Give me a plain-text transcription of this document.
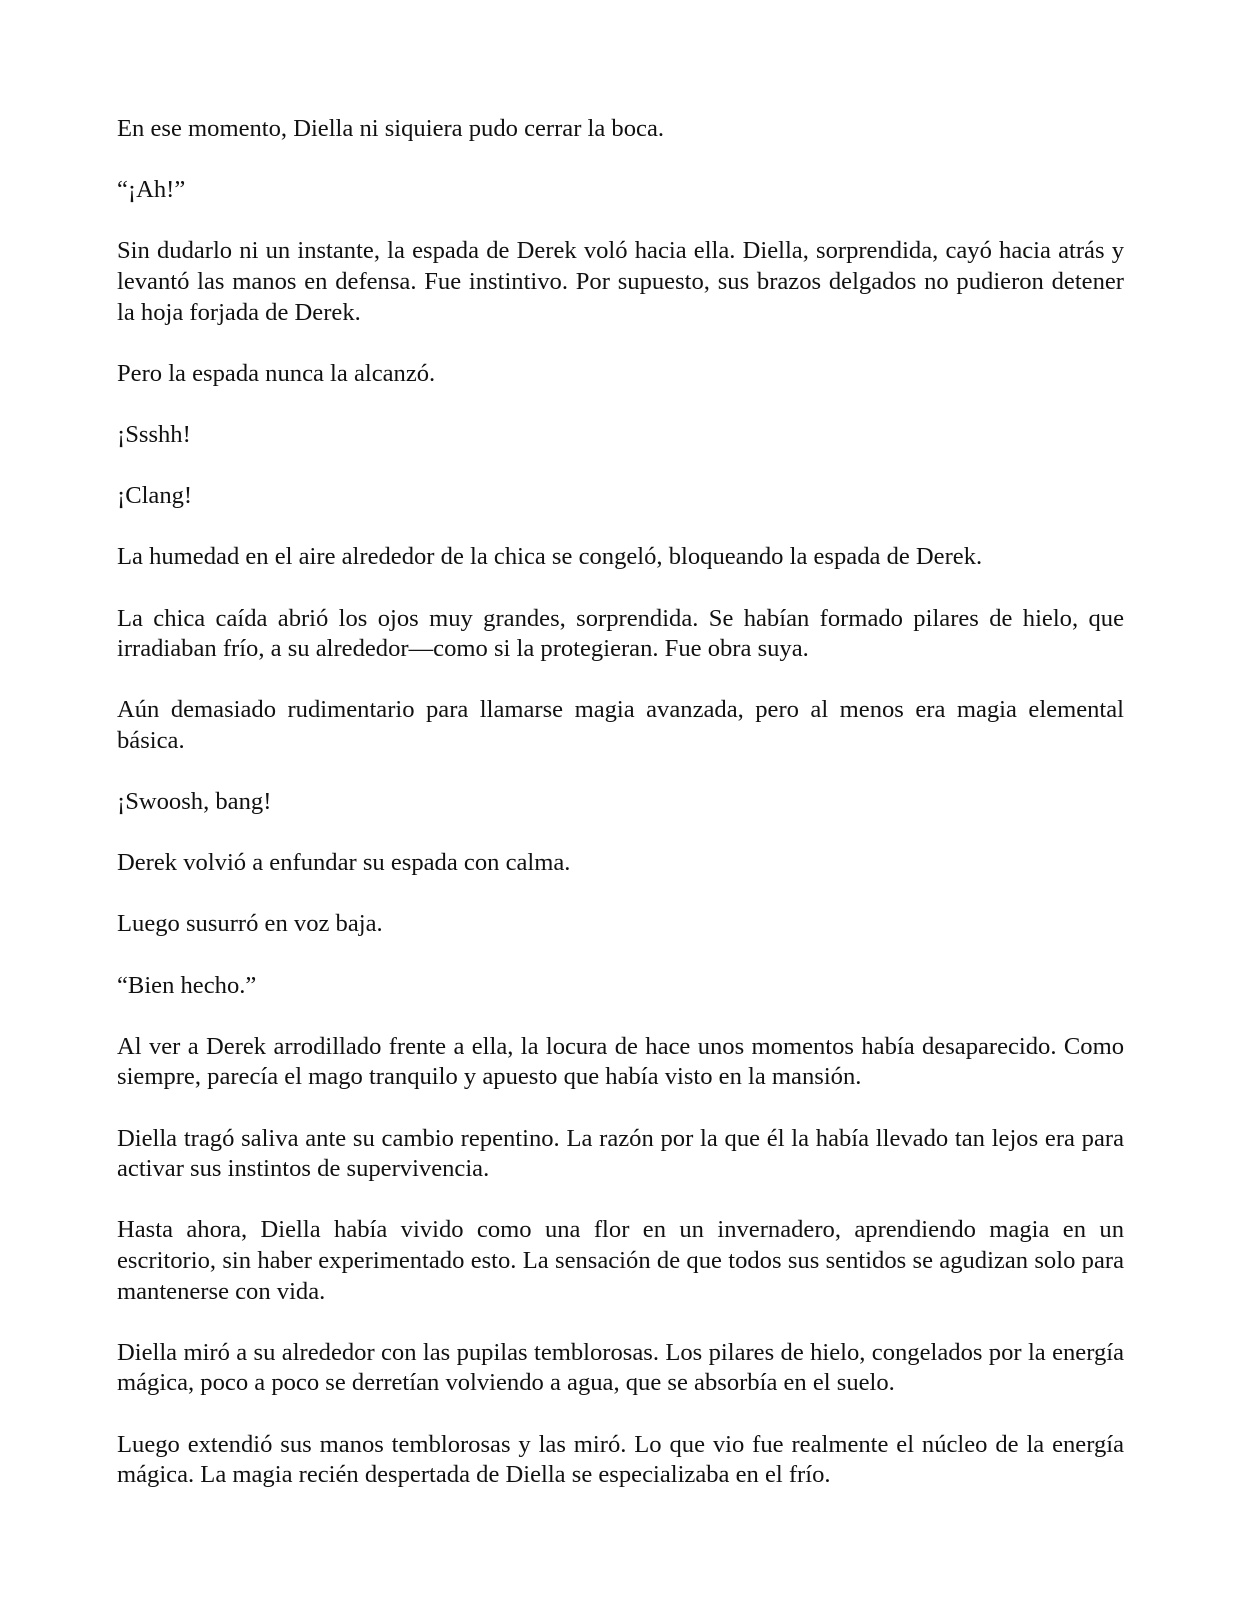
En ese momento, Diella ni siquiera pudo cerrar la boca.

“¡Ah!”

Sin dudarlo ni un instante, la espada de Derek voló hacia ella. Diella, sorprendida, cayó hacia atrás y levantó las manos en defensa. Fue instintivo. Por supuesto, sus brazos delgados no pudieron detener la hoja forjada de Derek.

Pero la espada nunca la alcanzó.

¡Ssshh!

¡Clang!

La humedad en el aire alrededor de la chica se congeló, bloqueando la espada de Derek.

La chica caída abrió los ojos muy grandes, sorprendida. Se habían formado pilares de hielo, que irradiaban frío, a su alrededor—como si la protegieran. Fue obra suya.

Aún demasiado rudimentario para llamarse magia avanzada, pero al menos era magia elemental básica.

¡Swoosh, bang!

Derek volvió a enfundar su espada con calma.

Luego susurró en voz baja.

“Bien hecho.”

Al ver a Derek arrodillado frente a ella, la locura de hace unos momentos había desaparecido. Como siempre, parecía el mago tranquilo y apuesto que había visto en la mansión.

Diella tragó saliva ante su cambio repentino. La razón por la que él la había llevado tan lejos era para activar sus instintos de supervivencia.

Hasta ahora, Diella había vivido como una flor en un invernadero, aprendiendo magia en un escritorio, sin haber experimentado esto. La sensación de que todos sus sentidos se agudizan solo para mantenerse con vida.

Diella miró a su alrededor con las pupilas temblorosas. Los pilares de hielo, congelados por la energía mágica, poco a poco se derretían volviendo a agua, que se absorbía en el suelo.

Luego extendió sus manos temblorosas y las miró. Lo que vio fue realmente el núcleo de la energía mágica. La magia recién despertada de Diella se especializaba en el frío.
